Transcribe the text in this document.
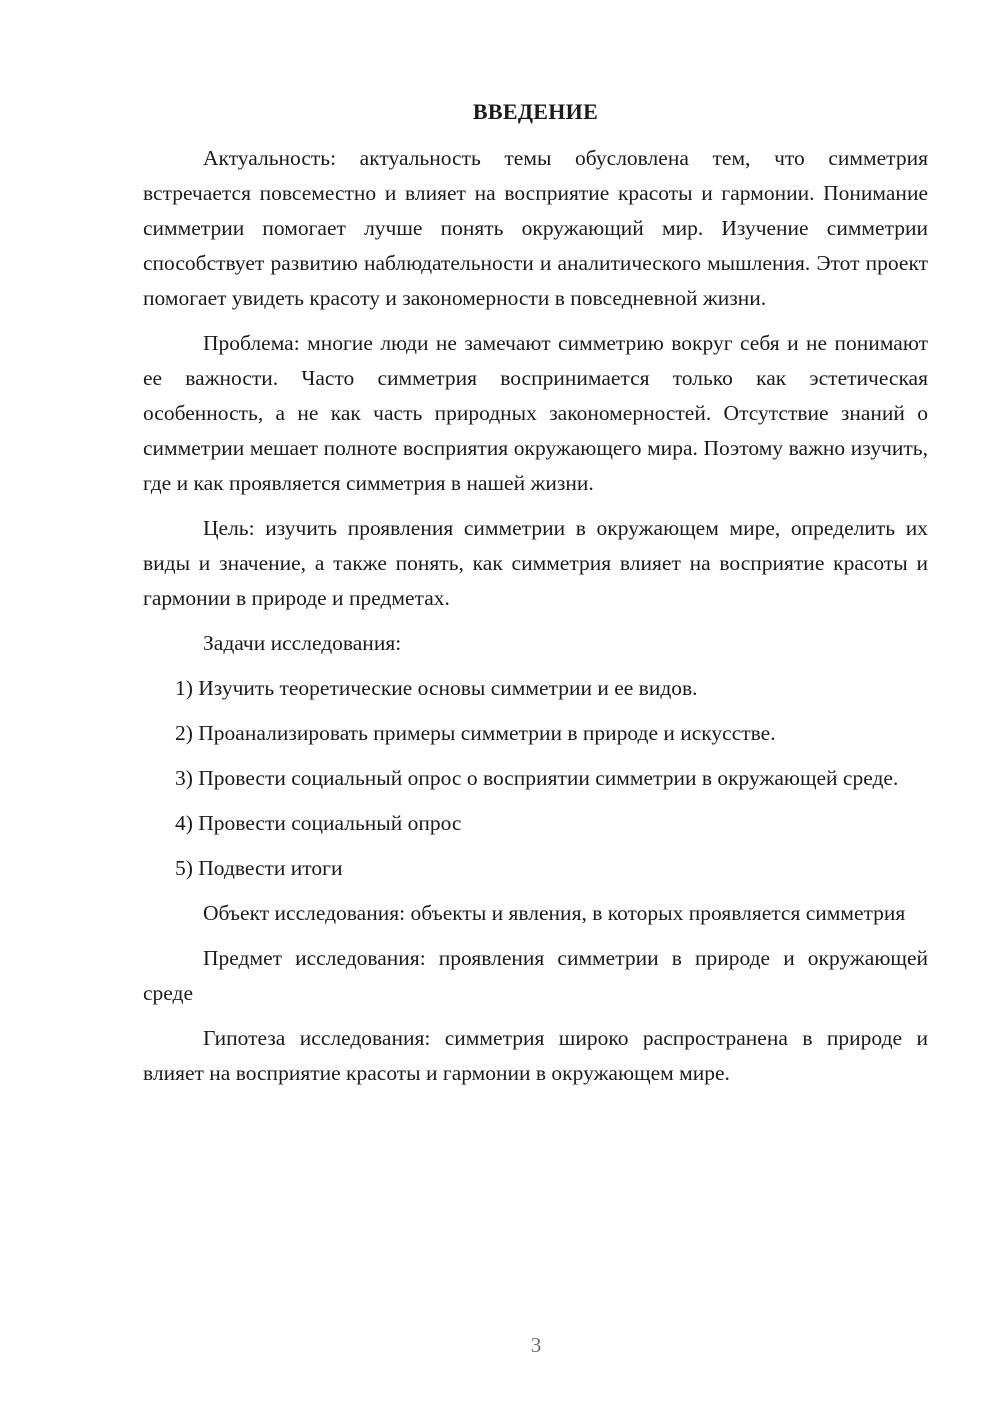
ВВЕДЕНИЕ

Актуальность: актуальность темы обусловлена тем, что симметрия встречается повсеместно и влияет на восприятие красоты и гармонии. Понимание симметрии помогает лучше понять окружающий мир. Изучение симметрии способствует развитию наблюдательности и аналитического мышления. Этот проект помогает увидеть красоту и закономерности в повседневной жизни.

Проблема: многие люди не замечают симметрию вокруг себя и не понимают ее важности. Часто симметрия воспринимается только как эстетическая особенность, а не как часть природных закономерностей. Отсутствие знаний о симметрии мешает полноте восприятия окружающего мира. Поэтому важно изучить, где и как проявляется симметрия в нашей жизни.

Цель: изучить проявления симметрии в окружающем мире, определить их виды и значение, а также понять, как симметрия влияет на восприятие красоты и гармонии в природе и предметах.

Задачи исследования:

1) Изучить теоретические основы симметрии и ее видов.

2) Проанализировать примеры симметрии в природе и искусстве.

3) Провести социальный опрос о восприятии симметрии в окружающей среде.

4) Провести социальный опрос

5) Подвести итоги

Объект исследования: объекты и явления, в которых проявляется симметрия

Предмет исследования: проявления симметрии в природе и окружающей среде

Гипотеза исследования: симметрия широко распространена в природе и влияет на восприятие красоты и гармонии в окружающем мире.

3
